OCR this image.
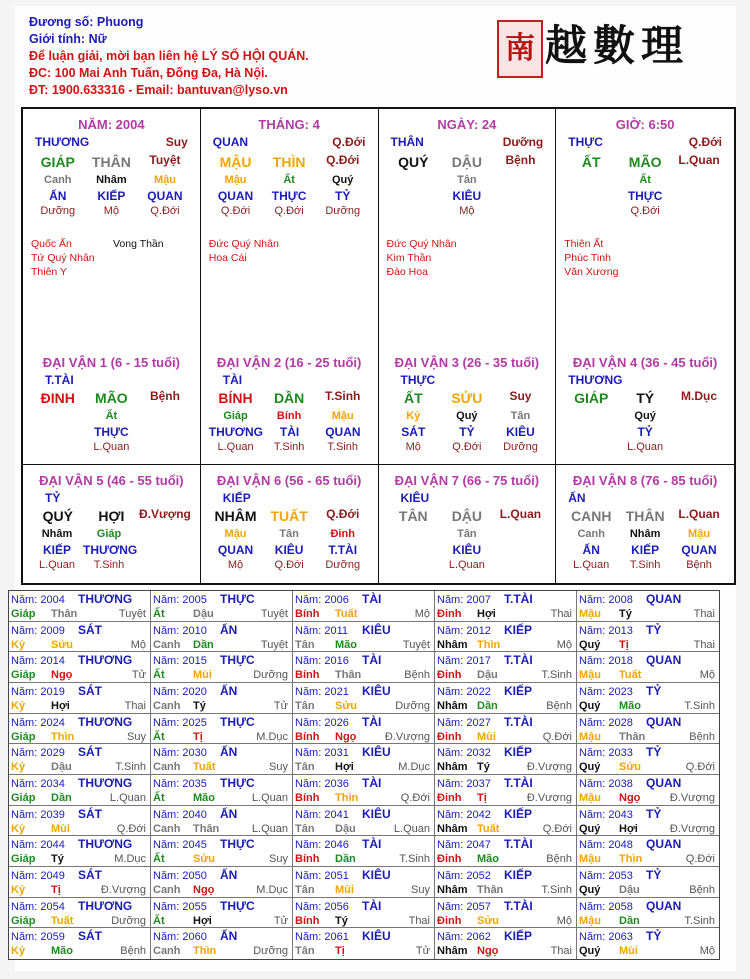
Đương số: Phuong
Giới tính: Nữ
Để luận giải, mời bạn liên hệ LÝ SỐ HỘI QUÁN.
ĐC: 100 Mai Anh Tuấn, Đống Đa, Hà Nội.
ĐT: 1900.633316 - Email: bantuvan@lyso.vn
南 越數理
NĂM: 2004
THƯƠNG	Suy
GIÁP	THÂN	Tuyệt
Canh	Nhâm	Mậu
ẤN	KIẾP	QUAN
Dưỡng	Mộ	Q.Đới
Quốc Ấn
Tứ Quý Nhân
Thiên Y
Vong Thần
THÁNG: 4
QUAN	Q.Đới
MẬU	THÌN	Q.Đới
Mậu	Ất	Quý
QUAN	THỰC	TỶ
Q.Đới	Q.Đới	Dưỡng
Đức Quý Nhân
Hoa Cái
NGÀY: 24
THÂN	Dưỡng
QUÝ	DẬU	Bệnh
Tân
KIÊU
Mộ
Đức Quý Nhân
Kim Thần
Đào Hoa
GIỜ: 6:50
THỰC	Q.Đới
ẤT	MÃO	L.Quan
Ất
THỰC
Q.Đới
Thiên Ất
Phúc Tinh
Văn Xương
ĐẠI VẬN 1 (6 - 15 tuổi)
T.TÀI
ĐINH	MÃO	Bệnh
Ất
THỰC
L.Quan
ĐẠI VẬN 2 (16 - 25 tuổi)
TÀI
BÍNH	DẦN	T.Sinh
Giáp	Bính	Mậu
THƯƠNG	TÀI	QUAN
L.Quan	T.Sinh	T.Sinh
ĐẠI VẬN 3 (26 - 35 tuổi)
THỰC
ẤT	SỬU	Suy
Kỷ	Quý	Tân
SÁT	TỶ	KIÊU
Mộ	Q.Đới	Dưỡng
ĐẠI VẬN 4 (36 - 45 tuổi)
THƯƠNG
GIÁP	TÝ	M.Dục
Quý
TỶ
L.Quan
ĐẠI VẬN 5 (46 - 55 tuổi)
TỶ
QUÝ	HỢI	Đ.Vượng
Nhâm	Giáp
KIẾP	THƯƠNG
L.Quan	T.Sinh
ĐẠI VẬN 6 (56 - 65 tuổi)
KIẾP
NHÂM TUẤT	Q.Đới
Mậu	Tân	Đinh
QUAN	KIÊU	T.TÀI
Mộ	Q.Đới	Dưỡng
ĐẠI VẬN 7 (66 - 75 tuổi)
KIÊU
TÂN	DẬU	L.Quan
Tân
KIÊU
L.Quan
ĐẠI VẬN 8 (76 - 85 tuổi)
ẤN
CANH	THÂN	L.Quan
Canh	Nhâm	Mậu
ẤN	KIẾP	QUAN
L.Quan	T.Sinh	Bệnh
Năm: 2004	THƯƠNG
Giáp	Thân	Tuyệt
Năm: 2005	THỰC
Ất	Dậu	Tuyệt
Năm: 2006	TÀI
Bính	Tuất	Mộ
Năm: 2007	T.TÀI
Đinh	Hợi	Thai
Năm: 2008	QUAN
Mậu	Tý	Thai
Năm: 2009	SÁT
Kỷ	Sửu	Mộ
Năm: 2010	ẤN
Canh	Dần	Tuyệt
Năm: 2011	KIÊU
Tân	Mão	Tuyệt
Năm: 2012	KIẾP
Nhâm Thìn	Mộ
Năm: 2013	TỶ
Quý	Tị	Thai
Năm: 2014	THƯƠNG
Giáp	Ngọ	Tử
Năm: 2015	THỰC
Ất	Mùi	Dưỡng
Năm: 2016	TÀI
Bính	Thân	Bệnh
Năm: 2017	T.TÀI
Đinh	Dậu	T.Sinh
Năm: 2018	QUAN
Mậu	Tuất	Mộ
Năm: 2019	SÁT
Kỷ	Hợi	Thai
Năm: 2020	ẤN
Canh	Tý	Tử
Năm: 2021	KIÊU
Tân	Sửu	Dưỡng
Năm: 2022	KIẾP
Nhâm Dần	Bệnh
Năm: 2023	TỶ
Quý	Mão	T.Sinh
Năm: 2024	THƯƠNG
Giáp	Thìn	Suy
Năm: 2025	THỰC
Ất	Tị	M.Dục
Năm: 2026	TÀI
Bính	Ngọ	Đ.Vượng
Năm: 2027	T.TÀI
Đinh	Mùi	Q.Đới
Năm: 2028	QUAN
Mậu	Thân	Bệnh
Năm: 2029	SÁT
Kỷ	Dậu	T.Sinh
Năm: 2030	ẤN
Canh	Tuất	Suy
Năm: 2031	KIÊU
Tân	Hợi	M.Dục
Năm: 2032	KIẾP
Nhâm Tý	Đ.Vượng
Năm: 2033	TỶ
Quý	Sửu	Q.Đới
Năm: 2034	THƯƠNG
Giáp	Dần	L.Quan
Năm: 2035	THỰC
Ất	Mão	L.Quan
Năm: 2036	TÀI
Bính	Thìn	Q.Đới
Năm: 2037	T.TÀI
Đinh	Tị	Đ.Vượng
Năm: 2038	QUAN
Mậu	Ngọ	Đ.Vượng
Năm: 2039	SÁT
Kỷ	Mùi	Q.Đới
Năm: 2040	ẤN
Canh	Thân	L.Quan
Năm: 2041	KIÊU
Tân	Dậu	L.Quan
Năm: 2042	KIẾP
Nhâm Tuất	Q.Đới
Năm: 2043	TỶ
Quý	Hợi	Đ.Vượng
Năm: 2044	THƯƠNG
Giáp	Tý	M.Dục
Năm: 2045	THỰC
Ất	Sửu	Suy
Năm: 2046	TÀI
Bính	Dần	T.Sinh
Năm: 2047	T.TÀI
Đinh	Mão	Bệnh
Năm: 2048	QUAN
Mậu	Thìn	Q.Đới
Năm: 2049	SÁT
Kỷ	Tị	Đ.Vượng
Năm: 2050	ẤN
Canh	Ngọ	M.Dục
Năm: 2051	KIÊU
Tân	Mùi	Suy
Năm: 2052	KIẾP
Nhâm Thân	T.Sinh
Năm: 2053	TỶ
Quý	Dậu	Bệnh
Năm: 2054	THƯƠNG
Giáp	Tuất	Dưỡng
Năm: 2055	THỰC
Ất	Hợi	Tử
Năm: 2056	TÀI
Bính	Tý	Thai
Năm: 2057	T.TÀI
Đinh	Sửu	Mộ
Năm: 2058	QUAN
Mậu	Dần	T.Sinh
Năm: 2059	SÁT
Kỷ	Mão	Bệnh
Năm: 2060	ẤN
Canh	Thìn	Dưỡng
Năm: 2061	KIÊU
Tân	Tị	Tử
Năm: 2062	KIẾP
Nhâm Ngọ	Thai
Năm: 2063	TỶ
Quý	Mùi	Mộ
